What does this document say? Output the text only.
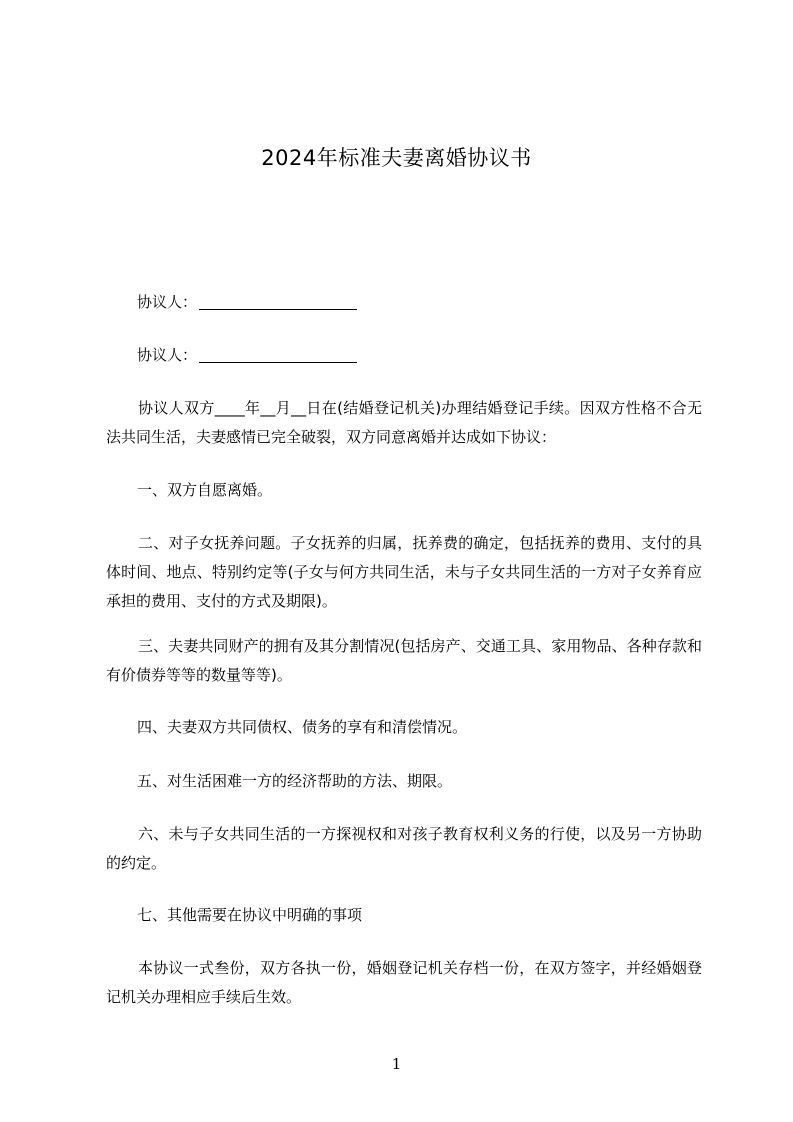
2024年标准夫妻离婚协议书
协议人：
协议人：
协议人双方____年__月__日在(结婚登记机关)办理结婚登记手续。因双方性格不合无法共同生活，夫妻感情已完全破裂，双方同意离婚并达成如下协议：
一、双方自愿离婚。
二、对子女抚养问题。子女抚养的归属，抚养费的确定，包括抚养的费用、支付的具体时间、地点、特别约定等(子女与何方共同生活，未与子女共同生活的一方对子女养育应承担的费用、支付的方式及期限)。
三、夫妻共同财产的拥有及其分割情况(包括房产、交通工具、家用物品、各种存款和有价债券等等的数量等等)。
四、夫妻双方共同债权、债务的享有和清偿情况。
五、对生活困难一方的经济帮助的方法、期限。
六、未与子女共同生活的一方探视权和对孩子教育权利义务的行使，以及另一方协助的约定。
七、其他需要在协议中明确的事项
本协议一式叁份，双方各执一份，婚姻登记机关存档一份，在双方签字，并经婚姻登记机关办理相应手续后生效。
1
